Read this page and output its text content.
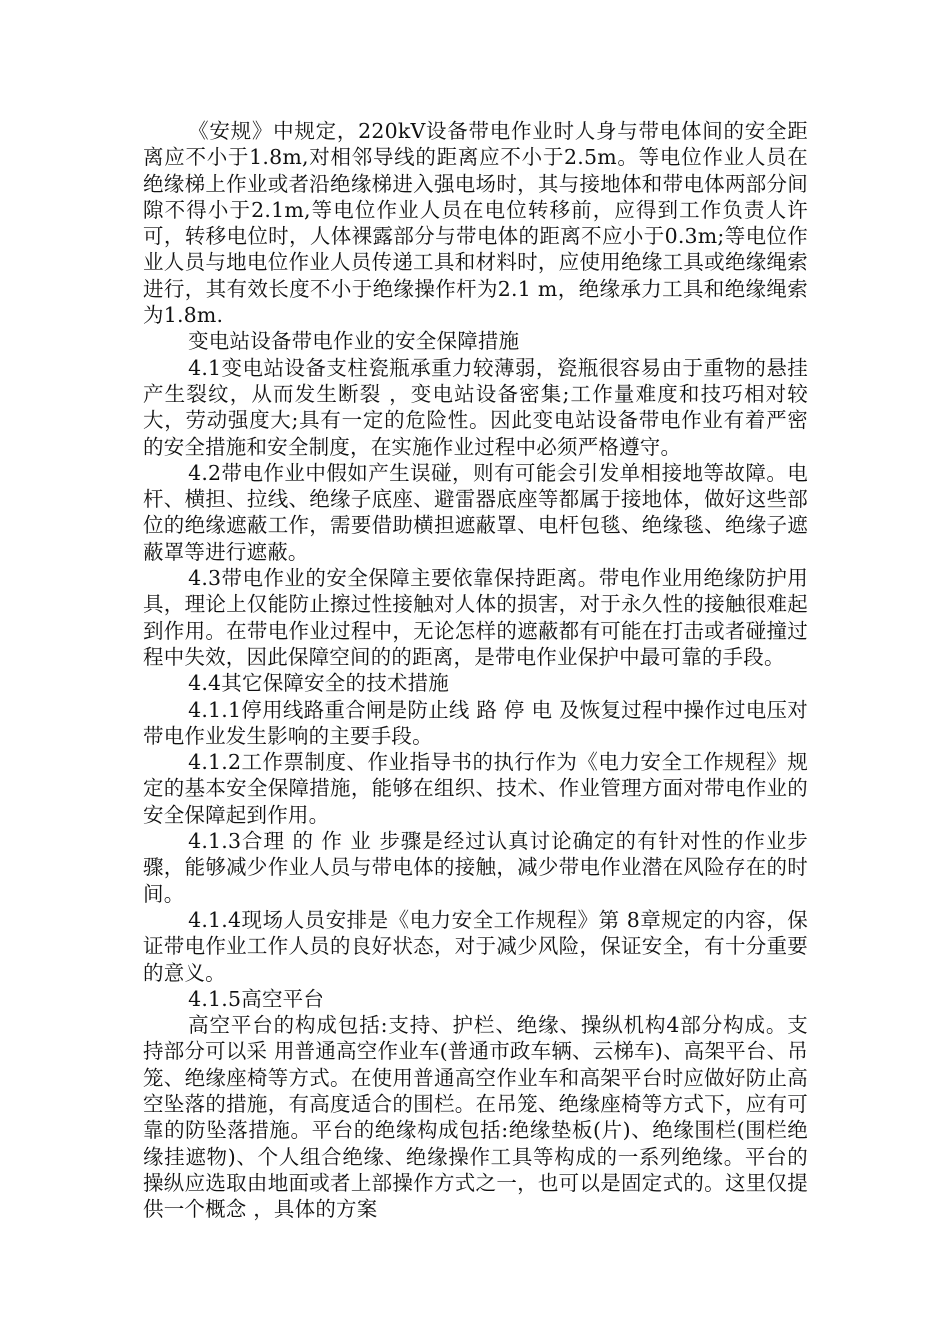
《安规》中规定，220kV设备带电作业时人身与带电体间的安全距离应不小于1.8m,对相邻导线的距离应不小于2.5m。等电位作业人员在绝缘梯上作业或者沿绝缘梯进入强电场时，其与接地体和带电体两部分间隙不得小于2.1m,等电位作业人员在电位转移前，应得到工作负责人许可，转移电位时，人体裸露部分与带电体的距离不应小于0.3m;等电位作业人员与地电位作业人员传递工具和材料时，应使用绝缘工具或绝缘绳索进行，其有效长度不小于绝缘操作杆为2.1 m，绝缘承力工具和绝缘绳索为1.8m.

变电站设备带电作业的安全保障措施

4.1变电站设备支柱瓷瓶承重力较薄弱，瓷瓶很容易由于重物的悬挂产生裂纹，从而发生断裂 ，变电站设备密集;工作量难度和技巧相对较大，劳动强度大;具有一定的危险性。因此变电站设备带电作业有着严密的安全措施和安全制度，在实施作业过程中必须严格遵守。

4.2带电作业中假如产生误碰，则有可能会引发单相接地等故障。电杆、横担、拉线、绝缘子底座、避雷器底座等都属于接地体，做好这些部位的绝缘遮蔽工作，需要借助横担遮蔽罩、电杆包毯、绝缘毯、绝缘子遮蔽罩等进行遮蔽。

4.3带电作业的安全保障主要依靠保持距离。带电作业用绝缘防护用具，理论上仅能防止擦过性接触对人体的损害，对于永久性的接触很难起到作用。在带电作业过程中，无论怎样的遮蔽都有可能在打击或者碰撞过程中失效，因此保障空间的的距离，是带电作业保护中最可靠的手段。

4.4其它保障安全的技术措施

4.1.1停用线路重合闸是防止线 路 停 电 及恢复过程中操作过电压对带电作业发生影响的主要手段。

4.1.2工作票制度、作业指导书的执行作为《电力安全工作规程》规定的基本安全保障措施，能够在组织、技术、作业管理方面对带电作业的安全保障起到作用。

4.1.3合理 的 作 业 步骤是经过认真讨论确定的有针对性的作业步骤，能够减少作业人员与带电体的接触，减少带电作业潜在风险存在的时间。

4.1.4现场人员安排是《电力安全工作规程》第 8章规定的内容，保证带电作业工作人员的良好状态，对于减少风险，保证安全，有十分重要的意义。

4.1.5高空平台

高空平台的构成包括:支持、护栏、绝缘、操纵机构4部分构成。支持部分可以采 用普通高空作业车(普通市政车辆、云梯车)、高架平台、吊笼、绝缘座椅等方式。在使用普通高空作业车和高架平台时应做好防止高空坠落的措施，有高度适合的围栏。在吊笼、绝缘座椅等方式下，应有可靠的防坠落措施。平台的绝缘构成包括:绝缘垫板(片)、绝缘围栏(围栏绝缘挂遮物)、个人组合绝缘、绝缘操作工具等构成的一系列绝缘。平台的操纵应选取由地面或者上部操作方式之一，也可以是固定式的。这里仅提供一个概念 ，具体的方案
